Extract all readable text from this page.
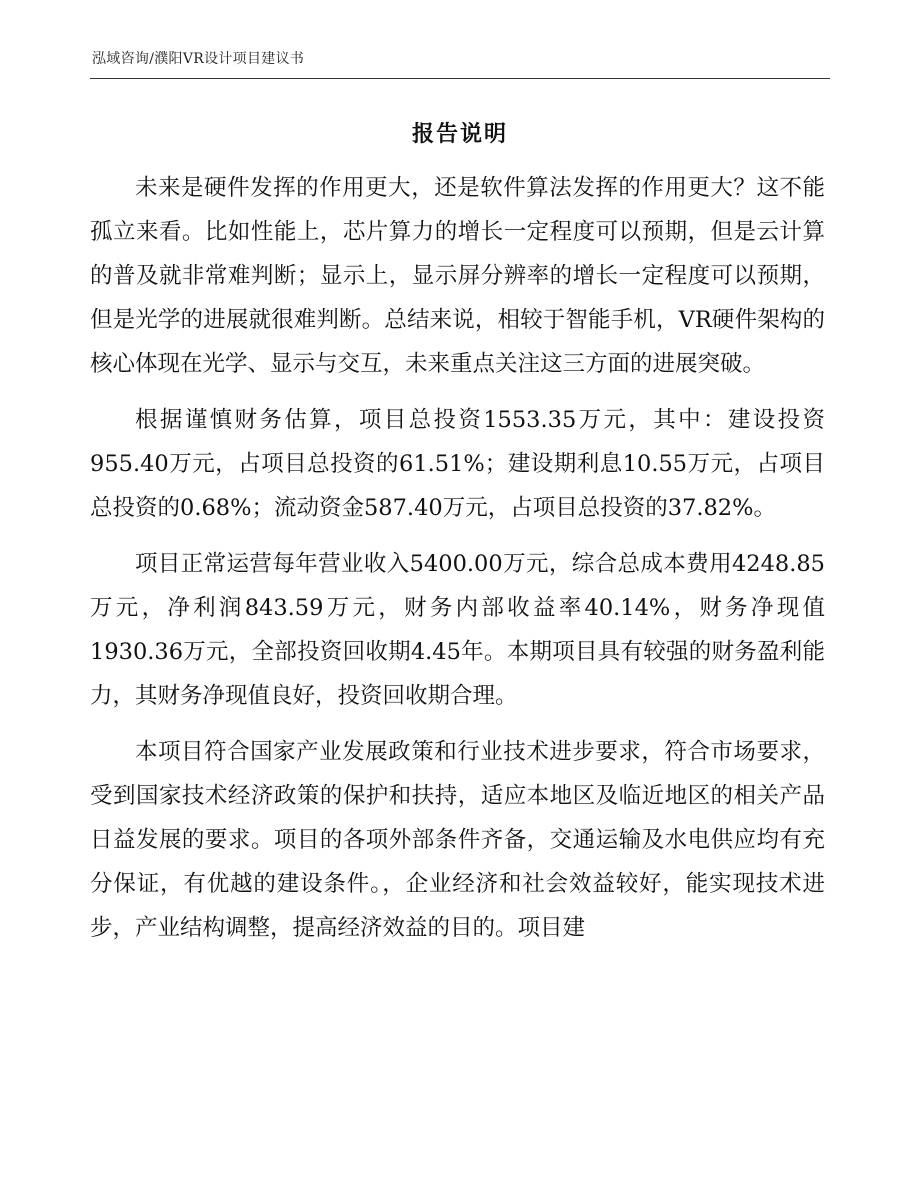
泓域咨询/濮阳VR设计项目建议书
报告说明

未来是硬件发挥的作用更大，还是软件算法发挥的作用更大？这不能孤立来看。比如性能上，芯片算力的增长一定程度可以预期，但是云计算的普及就非常难判断；显示上，显示屏分辨率的增长一定程度可以预期，但是光学的进展就很难判断。总结来说，相较于智能手机，VR硬件架构的核心体现在光学、显示与交互，未来重点关注这三方面的进展突破。

根据谨慎财务估算，项目总投资1553.35万元，其中：建设投资955.40万元，占项目总投资的61.51%；建设期利息10.55万元，占项目总投资的0.68%；流动资金587.40万元，占项目总投资的37.82%。

项目正常运营每年营业收入5400.00万元，综合总成本费用4248.85万元，净利润843.59万元，财务内部收益率40.14%，财务净现值1930.36万元，全部投资回收期4.45年。本期项目具有较强的财务盈利能力，其财务净现值良好，投资回收期合理。

本项目符合国家产业发展政策和行业技术进步要求，符合市场要求，受到国家技术经济政策的保护和扶持，适应本地区及临近地区的相关产品日益发展的要求。项目的各项外部条件齐备，交通运输及水电供应均有充分保证，有优越的建设条件。，企业经济和社会效益较好，能实现技术进步，产业结构调整，提高经济效益的目的。项目建
